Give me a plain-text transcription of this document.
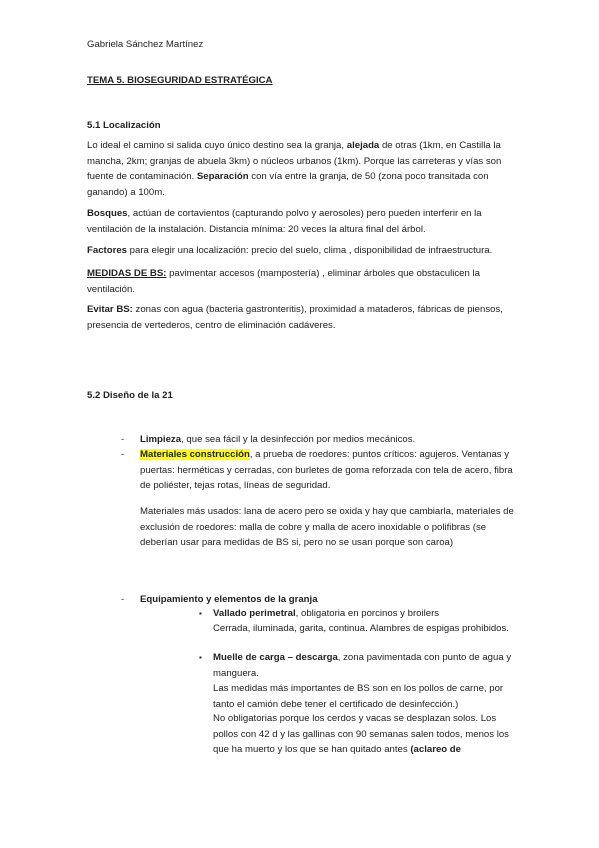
Gabriela Sánchez Martínez
TEMA 5. BIOSEGURIDAD ESTRATÉGICA
5.1 Localización
Lo ideal el camino si salida cuyo único destino sea la granja, alejada de otras (1km, en Castilla la mancha, 2km; granjas de abuela 3km) o núcleos urbanos (1km). Porque las carreteras y vías son fuente de contaminación. Separación con vía entre la granja, de 50 (zona poco transitada con ganando) a 100m.
Bosques, actúan de cortavientos (capturando polvo y aerosoles) pero pueden interferir en la ventilación de la instalación. Distancia mínima: 20 veces la altura final del árbol.
Factores para elegir una localización: precio del suelo, clima , disponibilidad de infraestructura.
MEDIDAS DE BS: pavimentar accesos (mampostería) , eliminar árboles que obstaculicen la ventilación.
Evitar BS: zonas con agua (bacteria gastronteritis), proximidad a mataderos, fábricas de piensos, presencia de vertederos, centro de eliminación cadáveres.
5.2 Diseño de la 21
- Limpieza, que sea fácil y la desinfección por medios mecánicos.
- Materiales construcción, a prueba de roedores: puntos críticos: agujeros. Ventanas y puertas: herméticas y cerradas, con burletes de goma reforzada con tela de acero, fibra de poliéster, tejas rotas, líneas de seguridad.
Materiales más usados: lana de acero pero se oxida y hay que cambiarla, materiales de exclusión de roedores: malla de cobre y malla de acero inoxidable o polifibras (se deberían usar para medidas de BS si, pero no se usan porque son caroa)
- Equipamiento y elementos de la granja
▪ Vallado perimetral, obligatoria en porcinos y broilers
Cerrada, iluminada, garita, continua. Alambres de espigas prohibidos.
▪ Muelle de carga – descarga, zona pavimentada con punto de agua y manguera.
Las medidas más importantes de BS son en los pollos de carne, por tanto el camión debe tener el certificado de desinfección.)
No obligatorias porque los cerdos y vacas se desplazan solos. Los pollos con 42 d y las gallinas con 90 semanas salen todos, menos los que ha muerto y los que se han quitado antes (aclareo de
